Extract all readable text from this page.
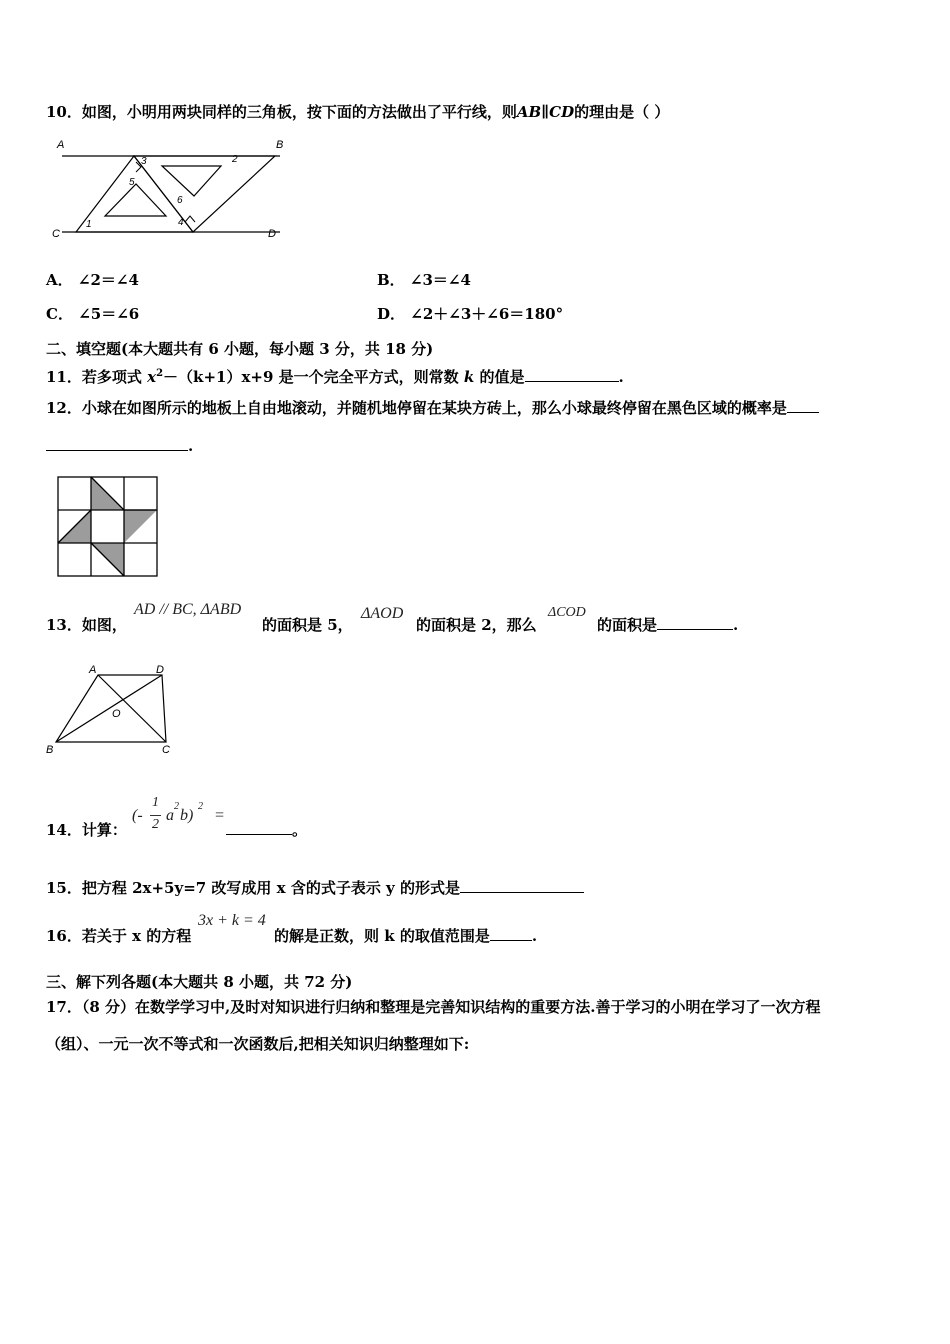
10．如图，小明用两块同样的三角板，按下面的方法做出了平行线，则AB∥CD的理由是（ ）
A	B
C	D
1
2
3
4
5
6
A． ∠2＝∠4	B． ∠3＝∠4
C． ∠5＝∠6	D． ∠2＋∠3＋∠6＝180°
二、填空题(本大题共有 6 小题，每小题 3 分，共 18 分)
11．若多项式 $x^2-(k+1)x+9$ 是一个完全平方式，则常数 k 的值是	.
12．小球在如图所示的地板上自由地滚动，并随机地停留在某块方砖上，那么小球最终停留在黑色区域的概率是
.
13．如图，
AD // BC, ΔABD
的面积是 5，
ΔAOD
的面积是 2，那么
ΔCOD
的面积是	.
A	D
O
B	C
14．计算：
(-
1
2
a
2
b)
2
=
。
15．把方程 2x+5y=7 改写成用 x 含的式子表示 y 的形式是
16．若关于 x 的方程
3x + k = 4
的解是正数，则 k 的取值范围是	.
三、解下列各题(本大题共 8 小题，共 72 分)
17．（8 分）在数学学习中,及时对知识进行归纳和整理是完善知识结构的重要方法.善于学习的小明在学习了一次方程
（组）、一元一次不等式和一次函数后,把相关知识归纳整理如下:
